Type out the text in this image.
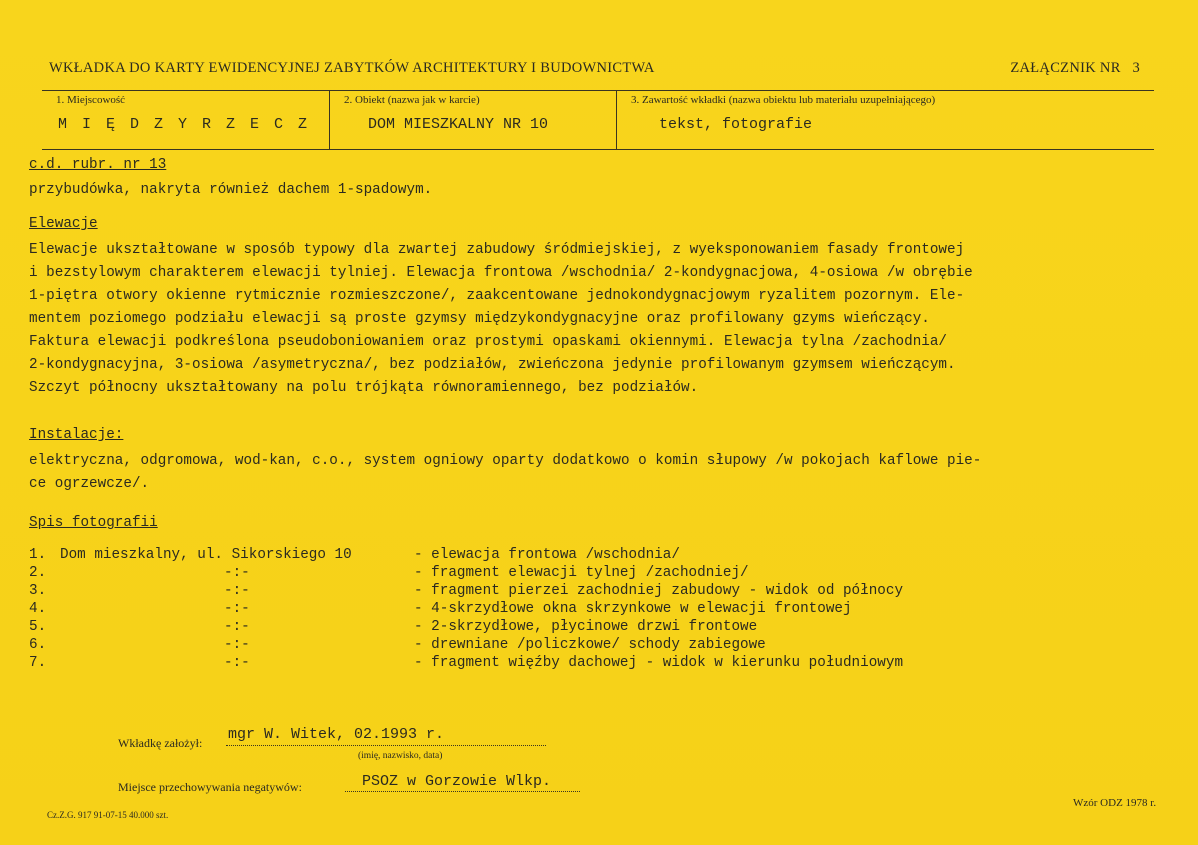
WKŁADKA DO KARTY EWIDENCYJNEJ ZABYTKÓW ARCHITEKTURY I BUDOWNICTWA	ZAŁĄCZNIK NR   3
1. Miejscowość
M I Ę D Z Y R Z E C Z
2. Obiekt (nazwa jak w karcie)
DOM MIESZKALNY NR 10
3. Zawartość wkładki (nazwa obiektu lub materiału uzupełniającego)
tekst, fotografie
c.d. rubr. nr 13
przybudówka, nakryta również dachem 1-spadowym.
Elewacje
Elewacje ukształtowane w sposób typowy dla zwartej zabudowy śródmiejskiej, z wyeksponowaniem fasady frontowej
i bezstylowym charakterem elewacji tylniej. Elewacja frontowa /wschodnia/ 2-kondygnacjowa, 4-osiowa /w obrębie
1-piętra otwory okienne rytmicznie rozmieszczone/, zaakcentowane jednokondygnacjowym ryzalitem pozornym. Ele-
mentem poziomego podziału elewacji są proste gzymsy międzykondygnacyjne oraz profilowany gzyms wieńczący.
Faktura elewacji podkreślona pseudoboniowaniem oraz prostymi opaskami okiennymi. Elewacja tylna /zachodnia/
2-kondygnacyjna, 3-osiowa /asymetryczna/, bez podziałów, zwieńczona jedynie profilowanym gzymsem wieńczącym.
Szczyt północny ukształtowany na polu trójkąta równoramiennego, bez podziałów.
Instalacje:
elektryczna, odgromowa, wod-kan, c.o., system ogniowy oparty dodatkowo o komin słupowy /w pokojach kaflowe pie-
ce ogrzewcze/.
Spis fotografii
1. Dom mieszkalny, ul. Sikorskiego 10	- elewacja frontowa /wschodnia/
2.	-:-	- fragment elewacji tylnej /zachodniej/
3.	-:-	- fragment pierzei zachodniej zabudowy - widok od północy
4.	-:-	- 4-skrzydłowe okna skrzynkowe w elewacji frontowej
5.	-:-	- 2-skrzydłowe, płycinowe drzwi frontowe
6.	-:-	- drewniane /policzkowe/ schody zabiegowe
7.	-:-	- fragment więźby dachowej - widok w kierunku południowym
Wkładkę założył: mgr W. Witek, 02.1993 r.
(imię, nazwisko, data)
Miejsce przechowywania negatywów:	PSOZ w Gorzowie Wlkp.
Cz.Z.G. 917 91-07-15 40.000 szt.
Wzór ODZ 1978 r.
